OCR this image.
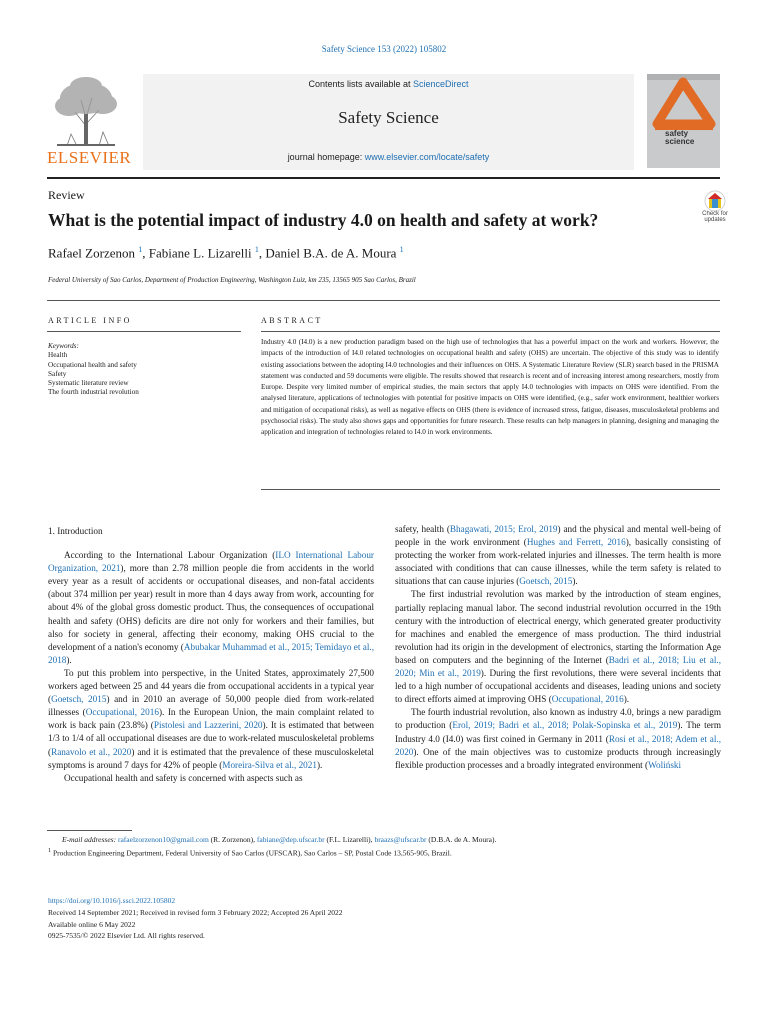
Safety Science 153 (2022) 105802
ELSEVIER
Contents lists available at ScienceDirect
Safety Science
journal homepage: www.elsevier.com/locate/safety
safety
science
Review
What is the potential impact of industry 4.0 on health and safety at work?	Check for updates
Rafael Zorzenon $^1$, Fabiane L. Lizarelli $^1$, Daniel B.A. de A. Moura $^1$
Federal University of Sao Carlos, Department of Production Engineering, Washington Luiz, km 235, 13565 905 Sao Carlos, Brazil
ARTICLE INFO	ABSTRACT
Keywords:
Health
Occupational health and safety
Safety
Systematic literature review
The fourth industrial revolution
Industry 4.0 (I4.0) is a new production paradigm based on the high use of technologies that has a powerful impact on the work and workers. However, the impacts of the introduction of I4.0 related technologies on occupational health and safety (OHS) are uncertain. The objective of this study was to identify existing associations between the adopting I4.0 technologies and their influences on OHS. A Systematic Literature Review (SLR) search based in the PRISMA statement was conducted and 59 documents were eligible. The results showed that research is recent and of increasing interest among researchers, mostly from Europe. Despite very limited number of empirical studies, the main sectors that apply I4.0 technologies with impacts on OHS were identified. From the analysed literature, applications of technologies with potential for positive impacts on OHS were identified, (e.g., safer work environment, healthier workers and mitigation of occupational risks), as well as negative effects on OHS (there is evidence of increased stress, fatigue, diseases, musculoskeletal problems and psychosocial risks). The study also shows gaps and opportunities for future research. These results can help managers in planning, designing and managing the application and integration of technologies related to I4.0 in work environments.
1. Introduction

According to the International Labour Organization (ILO International Labour Organization, 2021), more than 2.78 million people die from accidents in the world every year as a result of accidents or occupational diseases, and non-fatal accidents (about 374 million per year) result in more than 4 days away from work, accounting for about 4% of the global gross domestic product. Thus, the consequences of occupational health and safety (OHS) deficits are dire not only for workers and their families, but also for society in general, affecting their economy, making OHS crucial to the development of a nation's economy (Abubakar Muhammad et al., 2015; Temidayo et al., 2018).

To put this problem into perspective, in the United States, approximately 27,500 workers aged between 25 and 44 years die from occupational accidents in a typical year (Goetsch, 2015) and in 2010 an average of 50,000 people died from work-related illnesses (Occupational, 2016). In the European Union, the main complaint related to work is back pain (23.8%) (Pistolesi and Lazzerini, 2020). It is estimated that between 1/3 to 1/4 of all occupational diseases are due to work-related musculoskeletal problems (Ranavolo et al., 2020) and it is estimated that the prevalence of these musculoskeletal symptoms is around 7 days for 42% of people (Moreira-Silva et al., 2021).

Occupational health and safety is concerned with aspects such as

safety, health (Bhagawati, 2015; Erol, 2019) and the physical and mental well-being of people in the work environment (Hughes and Ferrett, 2016), basically consisting of protecting the worker from work-related injuries and illnesses. The term health is more associated with conditions that can cause illnesses, while the term safety is related to situations that can cause injuries (Goetsch, 2015).

The first industrial revolution was marked by the introduction of steam engines, partially replacing manual labor. The second industrial revolution occurred in the 19th century with the introduction of electrical energy, which generated greater productivity for machines and enabled the emergence of mass production. The third industrial revolution had its origin in the development of electronics, starting the Information Age based on computers and the beginning of the Internet (Badri et al., 2018; Liu et al., 2020; Min et al., 2019). During the first revolutions, there were several incidents that led to a high number of occupational accidents and diseases, leading unions and society to direct efforts aimed at improving OHS (Occupational, 2016).

The fourth industrial revolution, also known as industry 4.0, brings a new paradigm to production (Erol, 2019; Badri et al., 2018; Polak-Sopinska et al., 2019). The term Industry 4.0 (I4.0) was first coined in Germany in 2011 (Rosi et al., 2018; Adem et al., 2020). One of the main objectives was to customize products through increasingly flexible production processes and a broadly integrated environment (Woliński

E-mail addresses: rafaelzorzenon10@gmail.com (R. Zorzenon), fabiane@dep.ufscar.br (F.L. Lizarelli), braazs@ufscar.br (D.B.A. de A. Moura).
$^1$ Production Engineering Department, Federal University of Sao Carlos (UFSCAR), Sao Carlos – SP, Postal Code 13,565-905, Brazil.
https://doi.org/10.1016/j.ssci.2022.105802
Received 14 September 2021; Received in revised form 3 February 2022; Accepted 26 April 2022
Available online 6 May 2022
0925-7535/© 2022 Elsevier Ltd. All rights reserved.
